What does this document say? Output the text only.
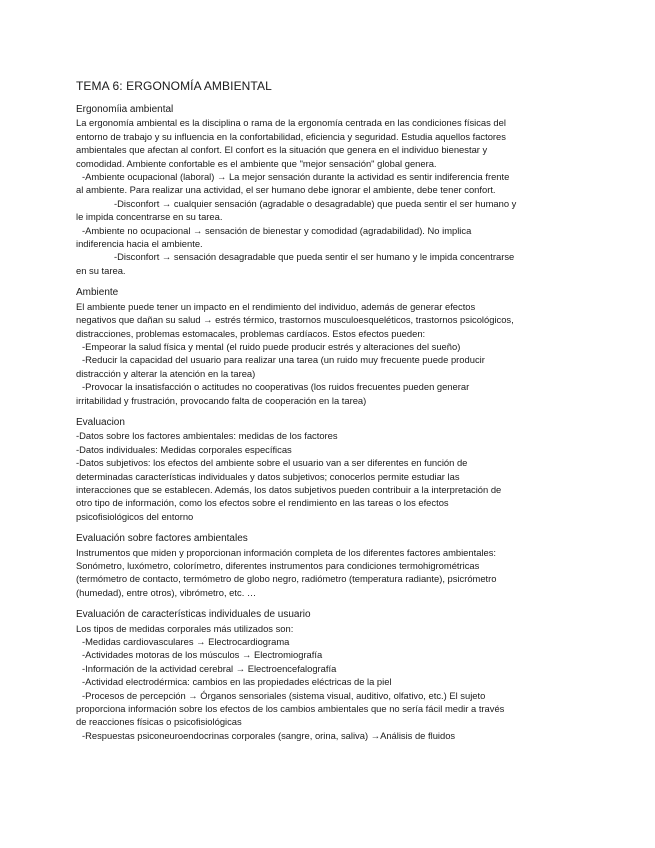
TEMA 6: ERGONOMÍA AMBIENTAL
Ergonomíia ambiental
La ergonomía ambiental es la disciplina o rama de la ergonomía centrada en las condiciones físicas del
entorno de trabajo y su influencia en la confortabilidad, eficiencia y seguridad. Estudia aquellos factores
ambientales que afectan al confort. El confort es la situación que genera en el individuo bienestar y
comodidad. Ambiente confortable es el ambiente que "mejor sensación" global genera.
-Ambiente ocupacional (laboral) → La mejor sensación durante la actividad es sentir indiferencia frente
al ambiente. Para realizar una actividad, el ser humano debe ignorar el ambiente, debe tener confort.
-Disconfort → cualquier sensación (agradable o desagradable) que pueda sentir el ser humano y
le impida concentrarse en su tarea.
-Ambiente no ocupacional → sensación de bienestar y comodidad (agradabilidad). No implica
indiferencia hacia el ambiente.
-Disconfort → sensación desagradable que pueda sentir el ser humano y le impida concentrarse
en su tarea.
Ambiente
El ambiente puede tener un impacto en el rendimiento del individuo, además de generar efectos
negativos que dañan su salud → estrés térmico, trastornos musculoesqueléticos, trastornos psicológicos,
distracciones, problemas estomacales, problemas cardíacos. Estos efectos pueden:
-Empeorar la salud física y mental (el ruido puede producir estrés y alteraciones del sueño)
-Reducir la capacidad del usuario para realizar una tarea (un ruido muy frecuente puede producir
distracción y alterar la atención en la tarea)
-Provocar la insatisfacción o actitudes no cooperativas (los ruidos frecuentes pueden generar
irritabilidad y frustración, provocando falta de cooperación en la tarea)
Evaluacion
-Datos sobre los factores ambientales: medidas de los factores
-Datos individuales: Medidas corporales específicas
-Datos subjetivos: los efectos del ambiente sobre el usuario van a ser diferentes en función de
determinadas características individuales y datos subjetivos; conocerlos permite estudiar las
interacciones que se establecen. Además, los datos subjetivos pueden contribuir a la interpretación de
otro tipo de información, como los efectos sobre el rendimiento en las tareas o los efectos
psicofisiológicos del entorno
Evaluación sobre factores ambientales
Instrumentos que miden y proporcionan información completa de los diferentes factores ambientales:
Sonómetro, luxómetro, colorímetro, diferentes instrumentos para condiciones termohigrométricas
(termómetro de contacto, termómetro de globo negro, radiómetro (temperatura radiante), psicrómetro
(humedad), entre otros), vibrómetro, etc. …
Evaluación de características individuales de usuario
Los tipos de medidas corporales más utilizados son:
-Medidas cardiovasculares → Electrocardiograma
-Actividades motoras de los músculos → Electromiografía
-Información de la actividad cerebral → Electroencefalografía
-Actividad electrodérmica: cambios en las propiedades eléctricas de la piel
-Procesos de percepción → Órganos sensoriales (sistema visual, auditivo, olfativo, etc.) El sujeto
proporciona información sobre los efectos de los cambios ambientales que no sería fácil medir a través
de reacciones físicas o psicofisiológicas
-Respuestas psiconeuroendocrinas corporales (sangre, orina, saliva) →Análisis de fluidos
